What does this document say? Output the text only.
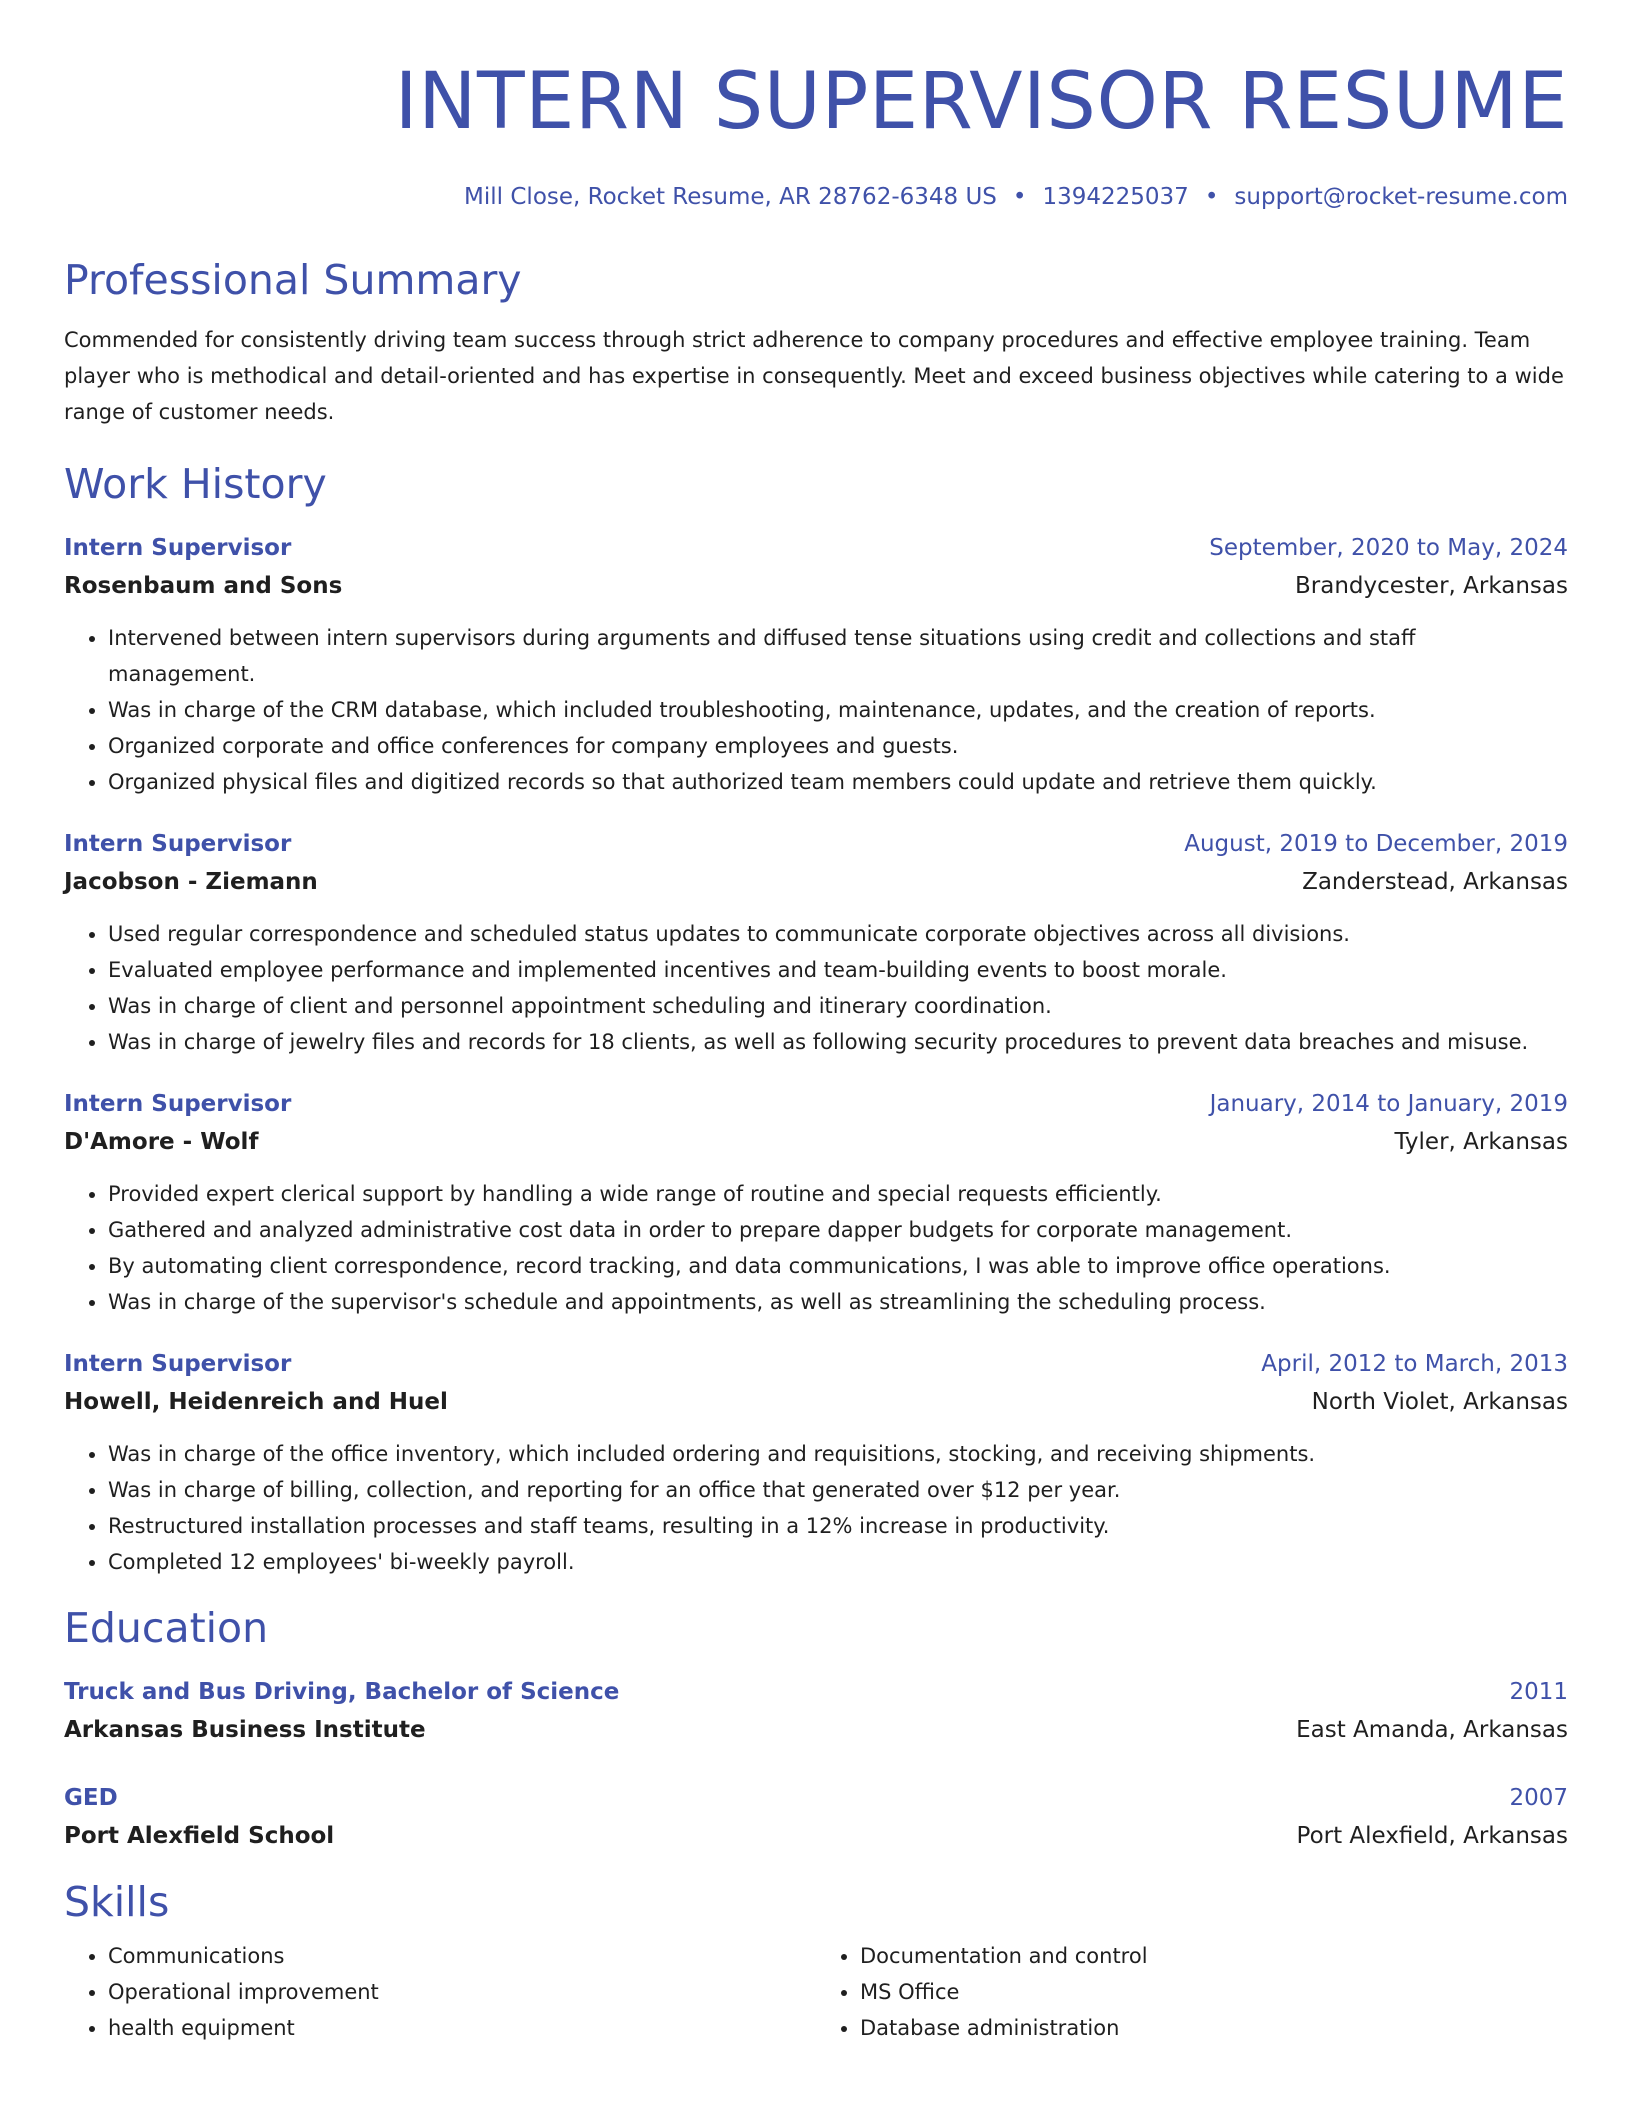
INTERN SUPERVISOR RESUME
Mill Close, Rocket Resume, AR 28762-6348 US • 1394225037 • support@rocket-resume.com
Professional Summary
Commended for consistently driving team success through strict adherence to company procedures and effective employee training. Team player who is methodical and detail-oriented and has expertise in consequently. Meet and exceed business objectives while catering to a wide range of customer needs.
Work History
Intern Supervisor	September, 2020 to May, 2024
Rosenbaum and Sons	Brandycester, Arkansas
• Intervened between intern supervisors during arguments and diffused tense situations using credit and collections and staff management.
• Was in charge of the CRM database, which included troubleshooting, maintenance, updates, and the creation of reports.
• Organized corporate and office conferences for company employees and guests.
• Organized physical files and digitized records so that authorized team members could update and retrieve them quickly.
Intern Supervisor	August, 2019 to December, 2019
Jacobson - Ziemann	Zanderstead, Arkansas
• Used regular correspondence and scheduled status updates to communicate corporate objectives across all divisions.
• Evaluated employee performance and implemented incentives and team-building events to boost morale.
• Was in charge of client and personnel appointment scheduling and itinerary coordination.
• Was in charge of jewelry files and records for 18 clients, as well as following security procedures to prevent data breaches and misuse.
Intern Supervisor	January, 2014 to January, 2019
D'Amore - Wolf	Tyler, Arkansas
• Provided expert clerical support by handling a wide range of routine and special requests efficiently.
• Gathered and analyzed administrative cost data in order to prepare dapper budgets for corporate management.
• By automating client correspondence, record tracking, and data communications, I was able to improve office operations.
• Was in charge of the supervisor's schedule and appointments, as well as streamlining the scheduling process.
Intern Supervisor	April, 2012 to March, 2013
Howell, Heidenreich and Huel	North Violet, Arkansas
• Was in charge of the office inventory, which included ordering and requisitions, stocking, and receiving shipments.
• Was in charge of billing, collection, and reporting for an office that generated over $12 per year.
• Restructured installation processes and staff teams, resulting in a 12% increase in productivity.
• Completed 12 employees' bi-weekly payroll.
Education
Truck and Bus Driving, Bachelor of Science	2011
Arkansas Business Institute	East Amanda, Arkansas
GED	2007
Port Alexfield School	Port Alexfield, Arkansas
Skills
• Communications
• Operational improvement
• health equipment
• Documentation and control
• MS Office
• Database administration
